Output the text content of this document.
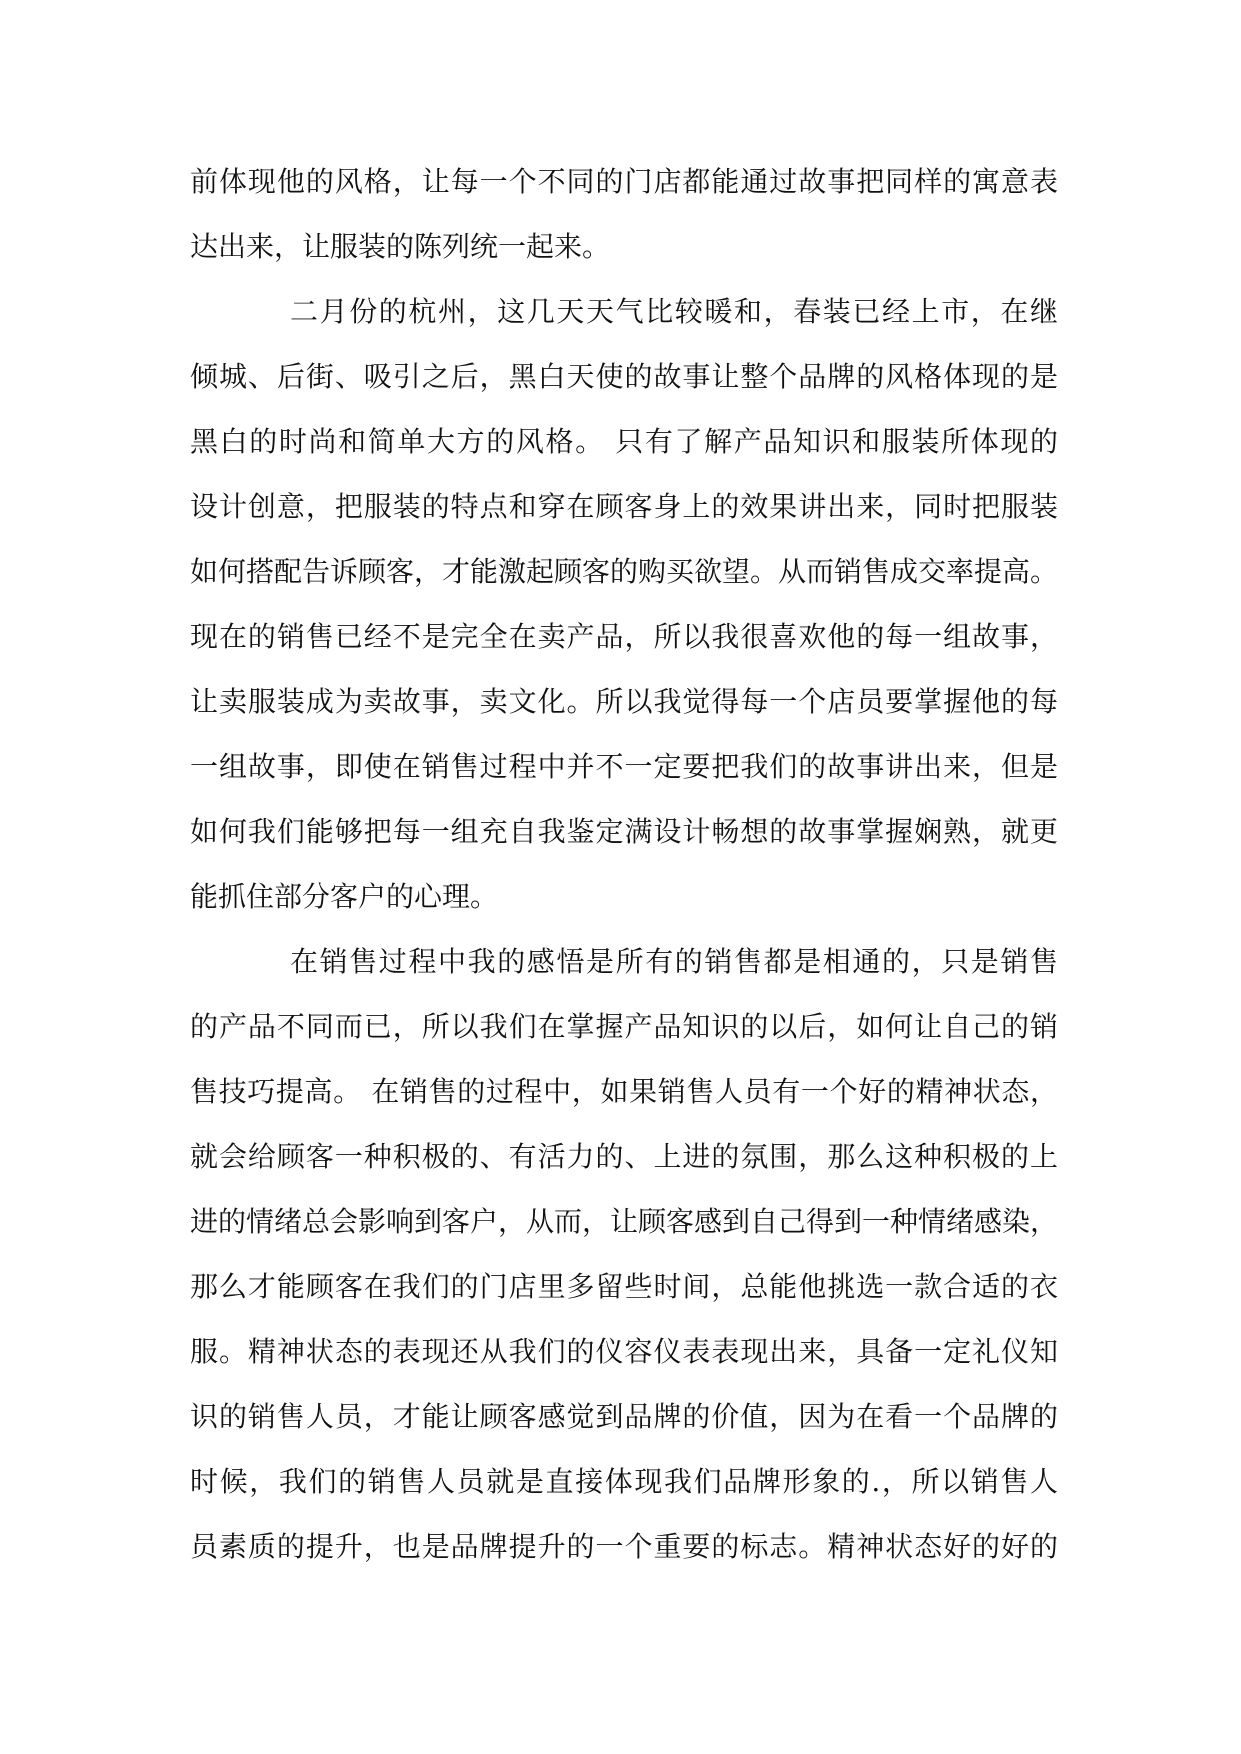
前体现他的风格，让每一个不同的门店都能通过故事把同样的寓意表
达出来，让服装的陈列统一起来。
二月份的杭州，这几天天气比较暖和，春装已经上市，在继
倾城、后街、吸引之后，黑白天使的故事让整个品牌的风格体现的是
黑白的时尚和简单大方的风格。 只有了解产品知识和服装所体现的
设计创意，把服装的特点和穿在顾客身上的效果讲出来，同时把服装
如何搭配告诉顾客，才能激起顾客的购买欲望。从而销售成交率提高。
现在的销售已经不是完全在卖产品，所以我很喜欢他的每一组故事，
让卖服装成为卖故事，卖文化。所以我觉得每一个店员要掌握他的每
一组故事，即使在销售过程中并不一定要把我们的故事讲出来，但是
如何我们能够把每一组充自我鉴定满设计畅想的故事掌握娴熟，就更
能抓住部分客户的心理。
在销售过程中我的感悟是所有的销售都是相通的，只是销售
的产品不同而已，所以我们在掌握产品知识的以后，如何让自己的销
售技巧提高。 在销售的过程中，如果销售人员有一个好的精神状态，
就会给顾客一种积极的、有活力的、上进的氛围，那么这种积极的上
进的情绪总会影响到客户，从而，让顾客感到自己得到一种情绪感染，
那么才能顾客在我们的门店里多留些时间，总能他挑选一款合适的衣
服。精神状态的表现还从我们的仪容仪表表现出来，具备一定礼仪知
识的销售人员，才能让顾客感觉到品牌的价值，因为在看一个品牌的
时候，我们的销售人员就是直接体现我们品牌形象的.，所以销售人
员素质的提升，也是品牌提升的一个重要的标志。精神状态好的好的
